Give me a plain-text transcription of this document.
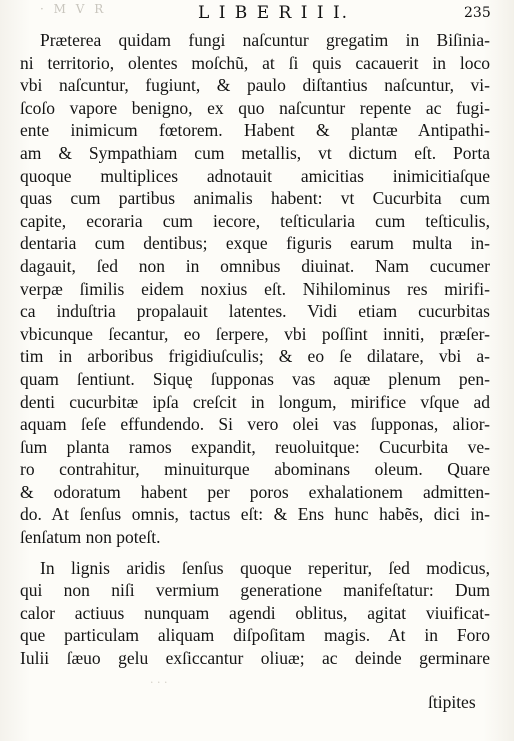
· M V R	L I B E R I I I.	235
Præterea quidam fungi naſcuntur gregatim in Biſinia-
ni territorio, olentes moſchũ, at ſi quis cacauerit in loco
vbi naſcuntur, fugiunt, & paulo diſtantius naſcuntur, vi-
ſcoſo vapore benigno, ex quo naſcuntur repente ac fugi-
ente inimicum fœtorem. Habent & plantæ Antipathi-
am & Sympathiam cum metallis, vt dictum eſt. Porta
quoque multiplices adnotauit amicitias inimicitiaſque
quas cum partibus animalis habent: vt Cucurbita cum
capite, ecoraria cum iecore, teſticularia cum teſticulis,
dentaria cum dentibus; exque figuris earum multa in-
dagauit, ſed non in omnibus diuinat. Nam cucumer
verpæ ſimilis eidem noxius eſt. Nihilominus res mirifi-
ca induſtria propalauit latentes. Vidi etiam cucurbitas
vbicunque ſecantur, eo ſerpere, vbi poſſint inniti, præſer-
tim in arboribus frigidiuſculis; & eo ſe dilatare, vbi a-
quam ſentiunt. Siquę ſupponas vas aquæ plenum pen-
denti cucurbitæ ipſa creſcit in longum, mirifice vſque ad
aquam ſeſe effundendo. Si vero olei vas ſupponas, alior-
ſum planta ramos expandit, reuoluitque: Cucurbita ve-
ro contrahitur, minuiturque abominans oleum. Quare
& odoratum habent per poros exhalationem admitten-
do. At ſenſus omnis, tactus eſt: & Ens hunc habẽs, dici in-
ſenſatum non poteſt.
In lignis aridis ſenſus quoque reperitur, ſed modicus,
qui non niſi vermium generatione manifeſtatur: Dum
calor actiuus nunquam agendi oblitus, agitat viuificat-
que particulam aliquam diſpoſitam magis. At in Foro
Iulii ſæuo gelu exſiccantur oliuæ; ac deinde germinare
· · ·
ſtipites
